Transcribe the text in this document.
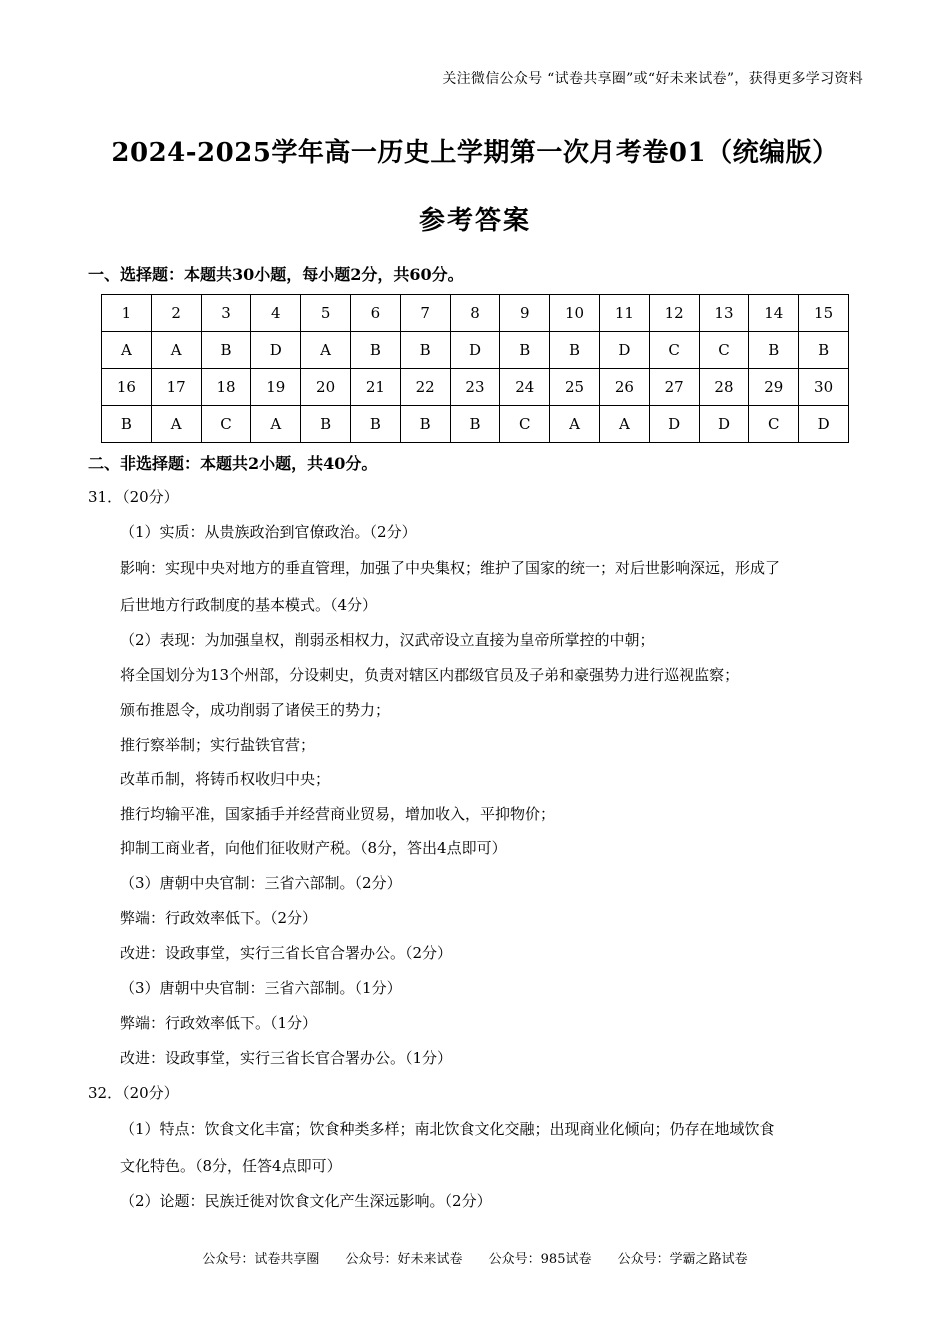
关注微信公众号 “试卷共享圈”或“好未来试卷”，获得更多学习资料
2024-2025学年高一历史上学期第一次月考卷01（统编版）
参考答案
一、选择题：本题共30小题，每小题2分，共60分。
1	2	3	4	5	6	7	8	9	10	11	12	13	14	15
A	A	B	D	A	B	B	D	B	B	D	C	C	B	B
16	17	18	19	20	21	22	23	24	25	26	27	28	29	30
B	A	C	A	B	B	B	B	C	A	A	D	D	C	D
二、非选择题：本题共2小题，共40分。
31．（20分）
（1）实质：从贵族政治到官僚政治。（2分）
影响：实现中央对地方的垂直管理，加强了中央集权；维护了国家的统一；对后世影响深远，形成了
后世地方行政制度的基本模式。（4分）
（2）表现：为加强皇权，削弱丞相权力，汉武帝设立直接为皇帝所掌控的中朝；
将全国划分为13个州部，分设刺史，负责对辖区内郡级官员及子弟和豪强势力进行巡视监察；
颁布推恩令，成功削弱了诸侯王的势力；
推行察举制；实行盐铁官营；
改革币制，将铸币权收归中央；
推行均输平准，国家插手并经营商业贸易，增加收入，平抑物价；
抑制工商业者，向他们征收财产税。（8分，答出4点即可）
（3）唐朝中央官制：三省六部制。（2分）
弊端：行政效率低下。（2分）
改进：设政事堂，实行三省长官合署办公。（2分）
（3）唐朝中央官制：三省六部制。（1分）
弊端：行政效率低下。（1分）
改进：设政事堂，实行三省长官合署办公。（1分）
32．（20分）
（1）特点：饮食文化丰富；饮食种类多样；南北饮食文化交融；出现商业化倾向；仍存在地域饮食
文化特色。（8分，任答4点即可）
（2）论题：民族迁徙对饮食文化产生深远影响。（2分）
公众号：试卷共享圈 公众号：好未来试卷 公众号：985试卷 公众号：学霸之路试卷
